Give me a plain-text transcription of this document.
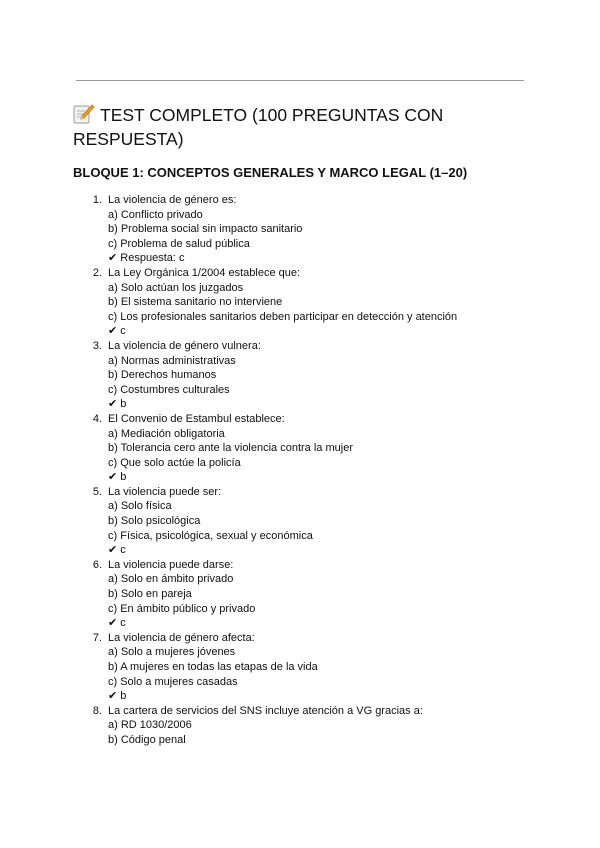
TEST COMPLETO (100 PREGUNTAS CON RESPUESTA)
BLOQUE 1: CONCEPTOS GENERALES Y MARCO LEGAL (1–20)
1. La violencia de género es:
a) Conflicto privado
b) Problema social sin impacto sanitario
c) Problema de salud pública
✔ Respuesta: c
2. La Ley Orgánica 1/2004 establece que:
a) Solo actúan los juzgados
b) El sistema sanitario no interviene
c) Los profesionales sanitarios deben participar en detección y atención
✔ c
3. La violencia de género vulnera:
a) Normas administrativas
b) Derechos humanos
c) Costumbres culturales
✔ b
4. El Convenio de Estambul establece:
a) Mediación obligatoria
b) Tolerancia cero ante la violencia contra la mujer
c) Que solo actúe la policía
✔ b
5. La violencia puede ser:
a) Solo física
b) Solo psicológica
c) Física, psicológica, sexual y económica
✔ c
6. La violencia puede darse:
a) Solo en ámbito privado
b) Solo en pareja
c) En ámbito público y privado
✔ c
7. La violencia de género afecta:
a) Solo a mujeres jóvenes
b) A mujeres en todas las etapas de la vida
c) Solo a mujeres casadas
✔ b
8. La cartera de servicios del SNS incluye atención a VG gracias a:
a) RD 1030/2006
b) Código penal
